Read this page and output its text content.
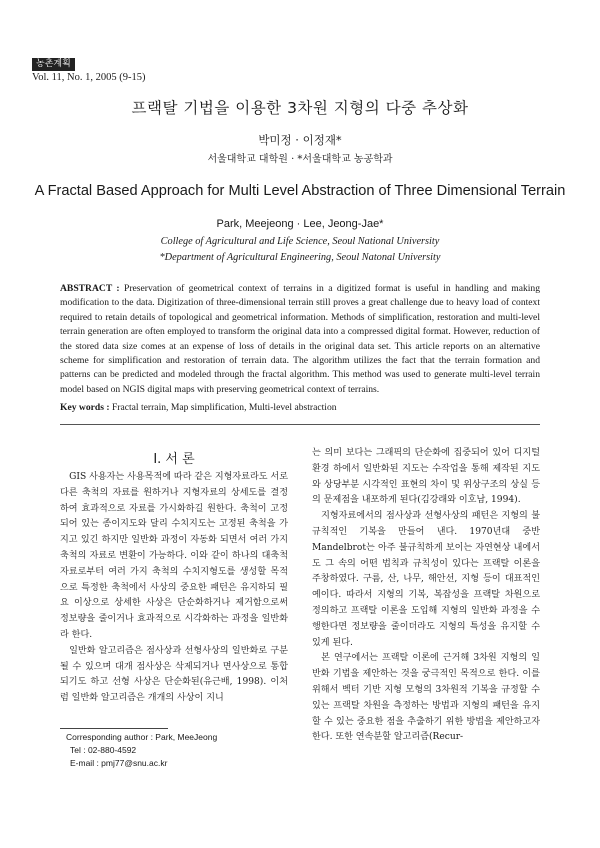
농촌계획
Vol. 11, No. 1, 2005 (9-15)
프랙탈 기법을 이용한 3차원 지형의 다중 추상화
박미정 · 이정재*
서울대학교 대학원 · *서울대학교 농공학과
A Fractal Based Approach for Multi Level Abstraction of Three Dimensional Terrain
Park, Meejeong · Lee, Jeong-Jae*
College of Agricultural and Life Science, Seoul National University
*Department of Agricultural Engineering, Seoul Natonal University
ABSTRACT : Preservation of geometrical context of terrains in a digitized format is useful in handling and making modification to the data. Digitization of three-dimensional terrain still proves a great challenge due to heavy load of context required to retain details of topological and geometrical information. Methods of simplification, restoration and multi-level terrain generation are often employed to transform the original data into a compressed digital format. However, reduction of the stored data size comes at an expense of loss of details in the original data set. This article reports on an alternative scheme for simplification and restoration of terrain data. The algorithm utilizes the fact that the terrain formation and patterns can be predicted and modeled through the fractal algorithm. This method was used to generate multi-level terrain model based on NGIS digital maps with preserving geometrical context of terrains.
Key words : Fractal terrain, Map simplification, Multi-level abstraction
I. 서 론

GIS 사용자는 사용목적에 따라 같은 지형자료라도 서로 다른 축척의 자료를 원하거나 지형자료의 상세도를 결정하여 효과적으로 자료를 가시화하길 원한다. 축척이 고정되어 있는 종이지도와 달리 수치지도는 고정된 축척을 가지고 있긴 하지만 일반화 과정이 자동화 되면서 여러 가지 축척의 자료로 변환이 가능하다. 이와 같이 하나의 대축척 자료로부터 여러 가지 축척의 수치지형도를 생성할 목적으로 특정한 축척에서 사상의 중요한 패턴은 유지하되 필요 이상으로 상세한 사상은 단순화하거나 제거함으로써 정보량을 줄이거나 효과적으로 시각화하는 과정을 일반화라 한다.

일반화 알고리즘은 점사상과 선형사상의 일반화로 구분될 수 있으며 대개 점사상은 삭제되거나 면사상으로 통합되기도 하고 선형 사상은 단순화된(유근배, 1998). 이처럼 일반화 알고리즘은 개개의 사상이 지니

는 의미 보다는 그래픽의 단순화에 집중되어 있어 디지털 환경 하에서 일반화된 지도는 수작업을 통해 제작된 지도와 상당부분 시각적인 표현의 차이 및 위상구조의 상실 등의 문제점을 내포하게 된다(김강래와 이호남, 1994).

지형자료에서의 점사상과 선형사상의 패턴은 지형의 불규칙적인 기복을 만들어 낸다. 1970년대 중반 Mandelbrot는 아주 불규칙하게 보이는 자연현상 내에서도 그 속의 어떤 법칙과 규칙성이 있다는 프랙탈 이론을 주창하였다. 구름, 산, 나무, 해안선, 지형 등이 대표적인 예이다. 따라서 지형의 기복, 복잡성을 프랙탈 차원으로 정의하고 프랙탈 이론을 도입해 지형의 일반화 과정을 수행한다면 정보량을 줄이더라도 지형의 특성을 유지할 수 있게 된다.

본 연구에서는 프랙탈 이론에 근거해 3차원 지형의 일반화 기법을 제안하는 것을 궁극적인 목적으로 한다. 이를 위해서 벡터 기반 지형 모형의 3차원적 기복을 규정할 수 있는 프랙탈 차원을 측정하는 방법과 지형의 패턴을 유지할 수 있는 중요한 점을 추출하기 위한 방법을 제안하고자 한다. 또한 연속분할 알고리즘(Recur-

Corresponding author : Park, MeeJeong
Tel : 02-880-4592
E-mail : pmj77@snu.ac.kr
